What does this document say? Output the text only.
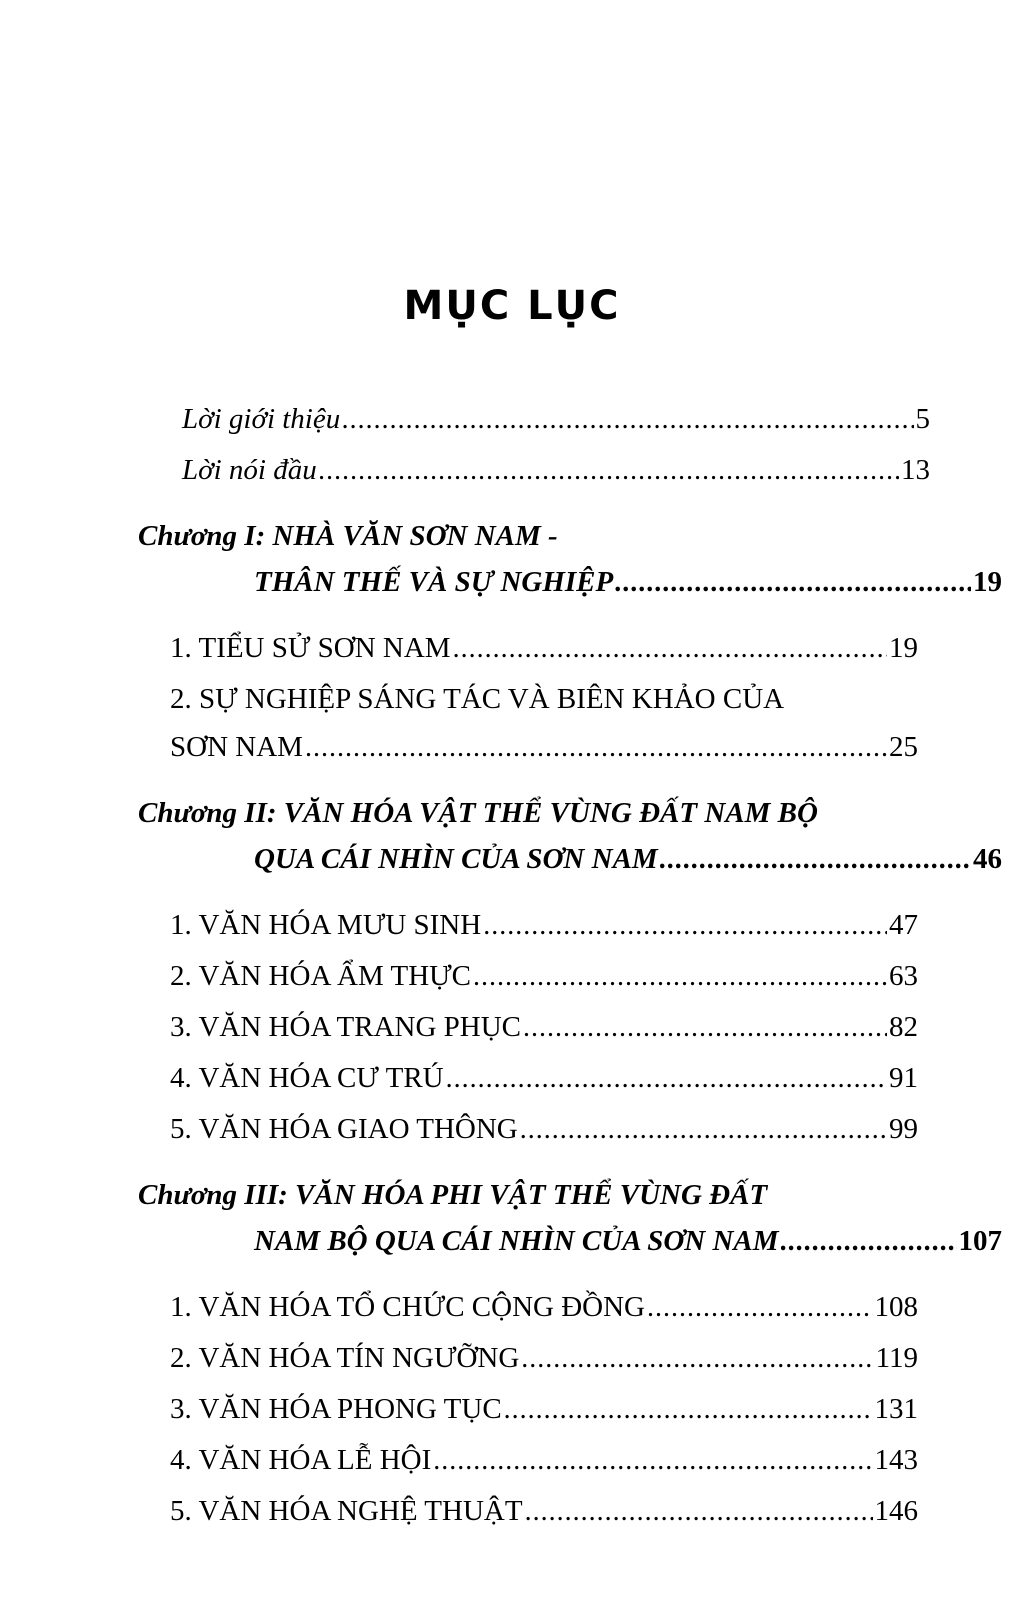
MỤC LỤC
Lời giới thiệu .....	5
Lời nói đầu .....	13
Chương I: NHÀ VĂN SƠN NAM -
THÂN THẾ VÀ SỰ NGHIỆP .....	19
1. TIỂU SỬ SƠN NAM .....	19
2. SỰ NGHIỆP SÁNG TÁC VÀ BIÊN KHẢO CỦA
SƠN NAM .....	25
Chương II: VĂN HÓA VẬT THỂ VÙNG ĐẤT NAM BỘ
QUA CÁI NHÌN CỦA SƠN NAM .....	46
1. VĂN HÓA MƯU SINH .....	47
2. VĂN HÓA ẨM THỰC .....	63
3. VĂN HÓA TRANG PHỤC .....	82
4. VĂN HÓA CƯ TRÚ .....	91
5. VĂN HÓA GIAO THÔNG .....	99
Chương III: VĂN HÓA PHI VẬT THỂ VÙNG ĐẤT
NAM BỘ QUA CÁI NHÌN CỦA SƠN NAM .....	107
1. VĂN HÓA TỔ CHỨC CỘNG ĐỒNG .....	108
2. VĂN HÓA TÍN NGƯỠNG .....	119
3. VĂN HÓA PHONG TỤC .....	131
4. VĂN HÓA LỄ HỘI .....	143
5. VĂN HÓA NGHỆ THUẬT .....	146
